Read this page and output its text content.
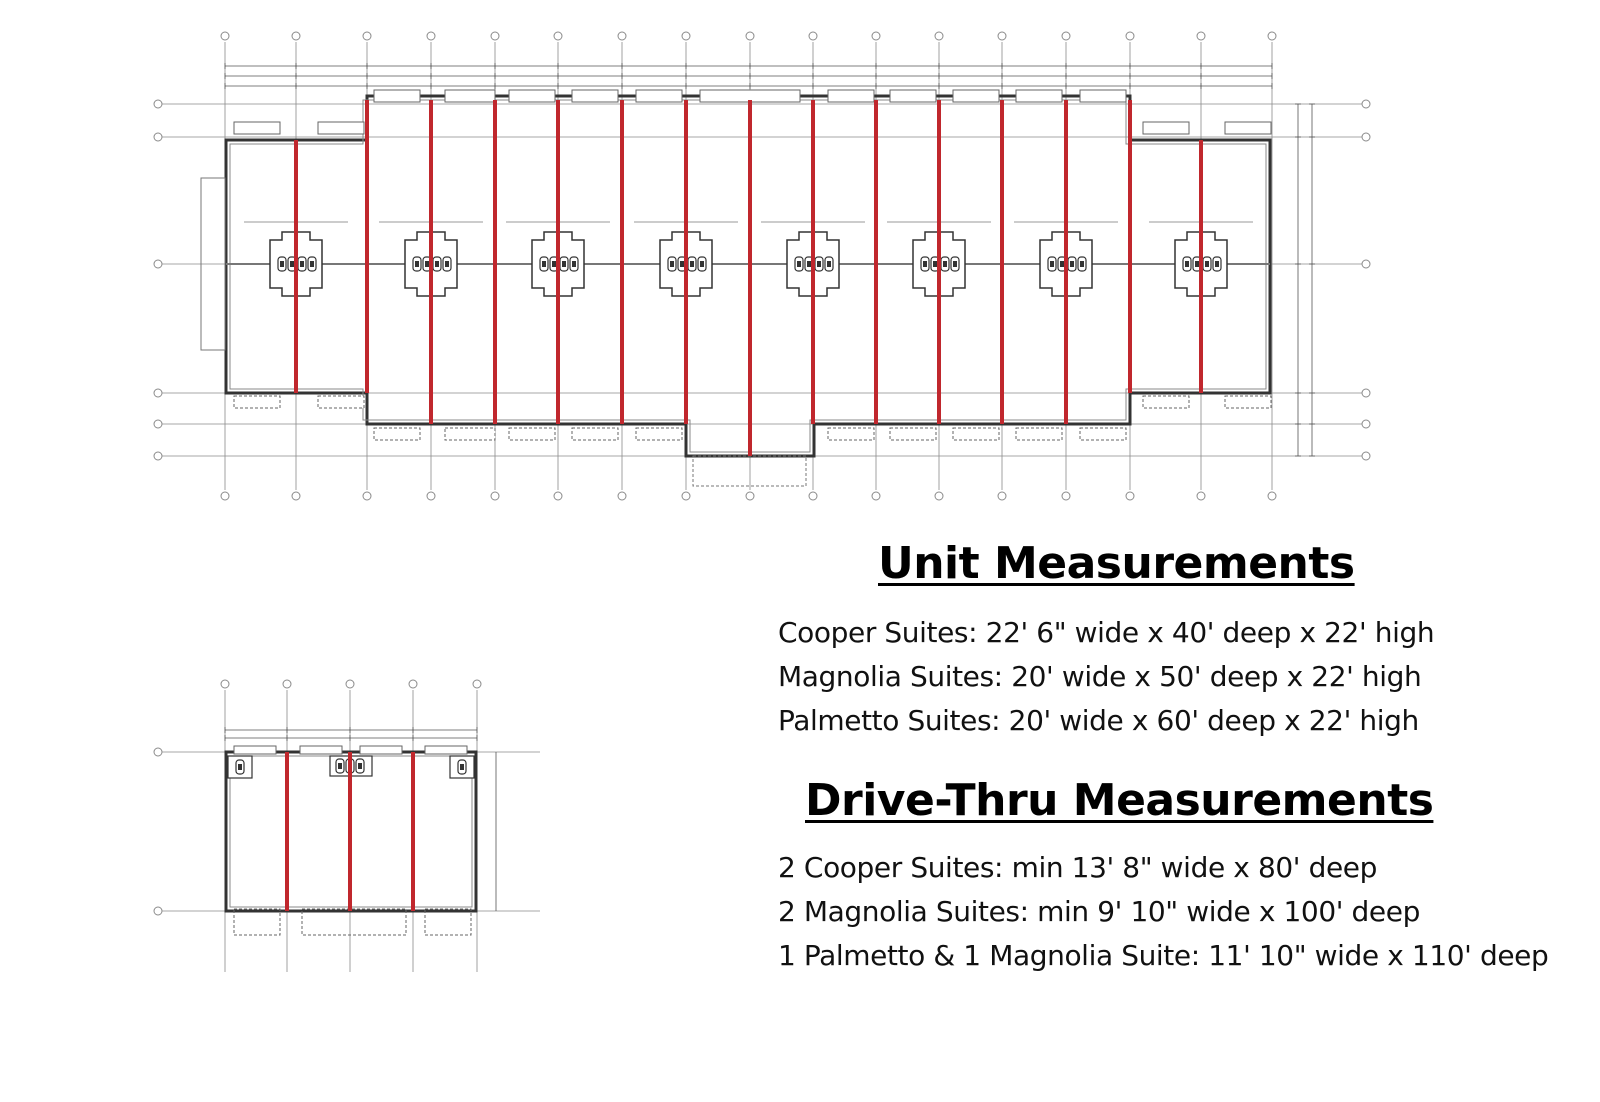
Unit Measurements
Cooper Suites: 22' 6" wide x 40' deep x 22' high
Magnolia Suites: 20' wide x 50' deep x 22' high
Palmetto Suites: 20' wide x 60' deep x 22' high
Drive-Thru Measurements
2 Cooper Suites: min 13' 8" wide x 80' deep
2 Magnolia Suites: min 9' 10" wide x 100' deep
1 Palmetto & 1 Magnolia Suite: 11' 10" wide x 110' deep
